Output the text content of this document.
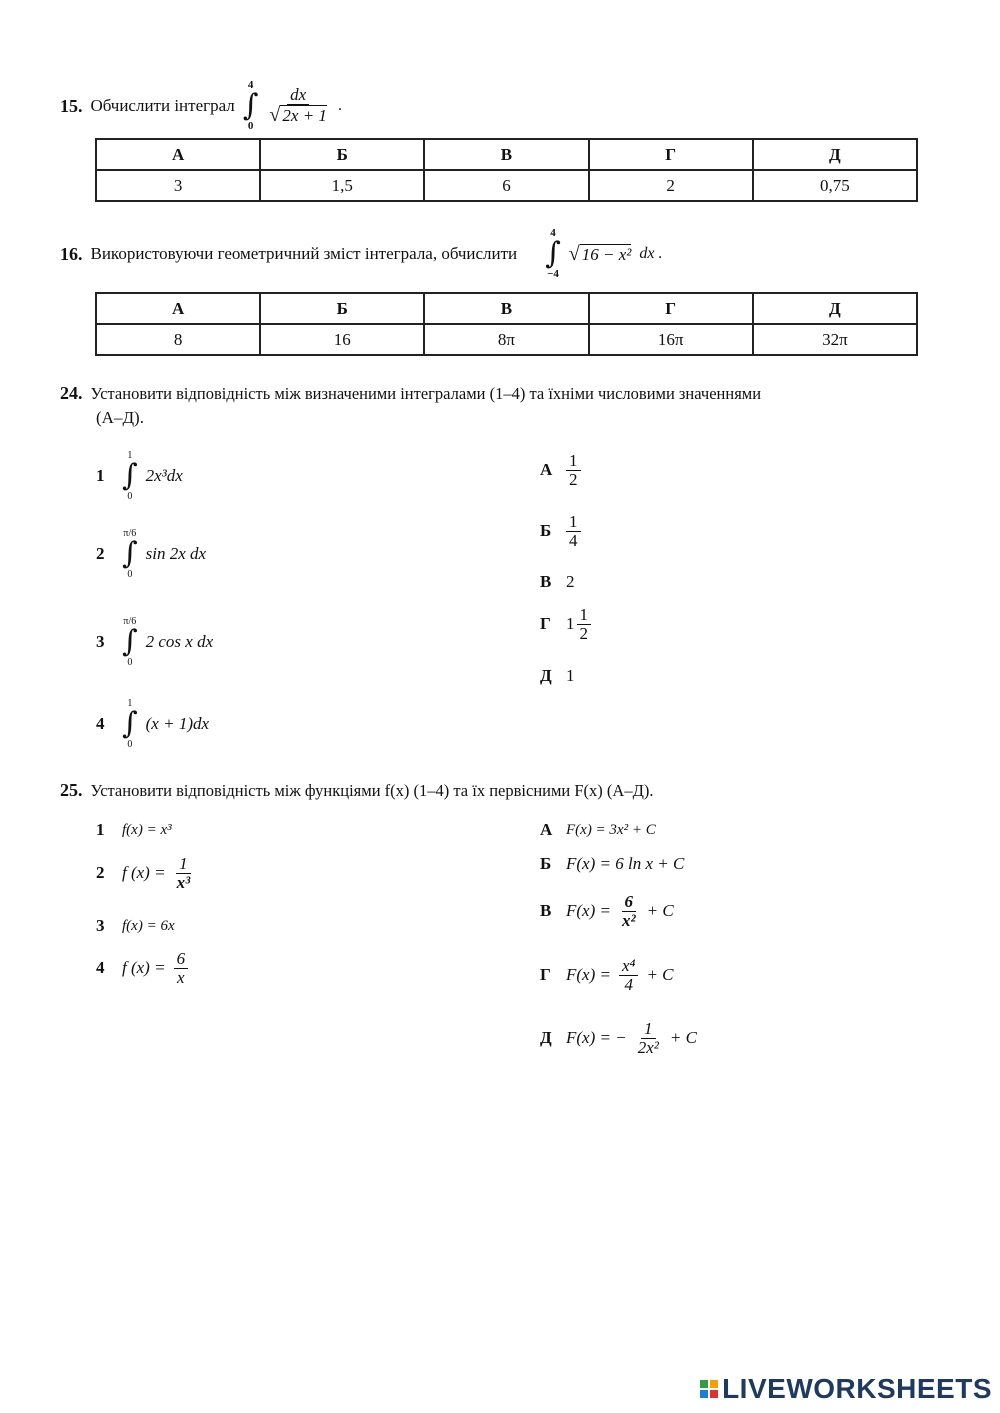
15. Обчислити інтеграл
4
∫
0
$\frac{dx}{√ 2x + 1}$ .
А	Б	В	Г	Д
3	1,5	6	2	0,75
16. Використовуючи геометричний зміст інтеграла, обчислити
4
∫
−4
√ 16 − x² dx .
А	Б	В	Г	Д
8	16	8π	16π	32π
24. Установити відповідність між визначеними інтегралами (1–4) та їхніми числовими значеннями
(А–Д).
1
1
∫
0
2x³dx
2
π/6
∫
0
sin 2x dx
3
π/6
∫
0
2 cos x dx
4
1
∫
0
(x + 1)dx
А $\frac{1}{2}$
Б $\frac{1}{4}$
В 2
Г $1 \frac{1}{2}$
Д 1
25. Установити відповідність між функціями f(x) (1–4) та їх первісними F(x) (А–Д).
1	f(x) = x³
2	f $(x) = \frac{1}{\text{x³}}$
3	f(x) = 6x
4	f $(x) = \frac{6}{x}$
А F(x) = 3x² + C
Б F(x) = 6 ln x + C
В $F(x) = \frac{6}{\text{x²}} + C$
Г $F(x) = \frac{\text{x⁴}}{4} + C$
Д F(x) = − $\frac{1}{\text{2x²}} + C$
LIVEWORKSHEETS
